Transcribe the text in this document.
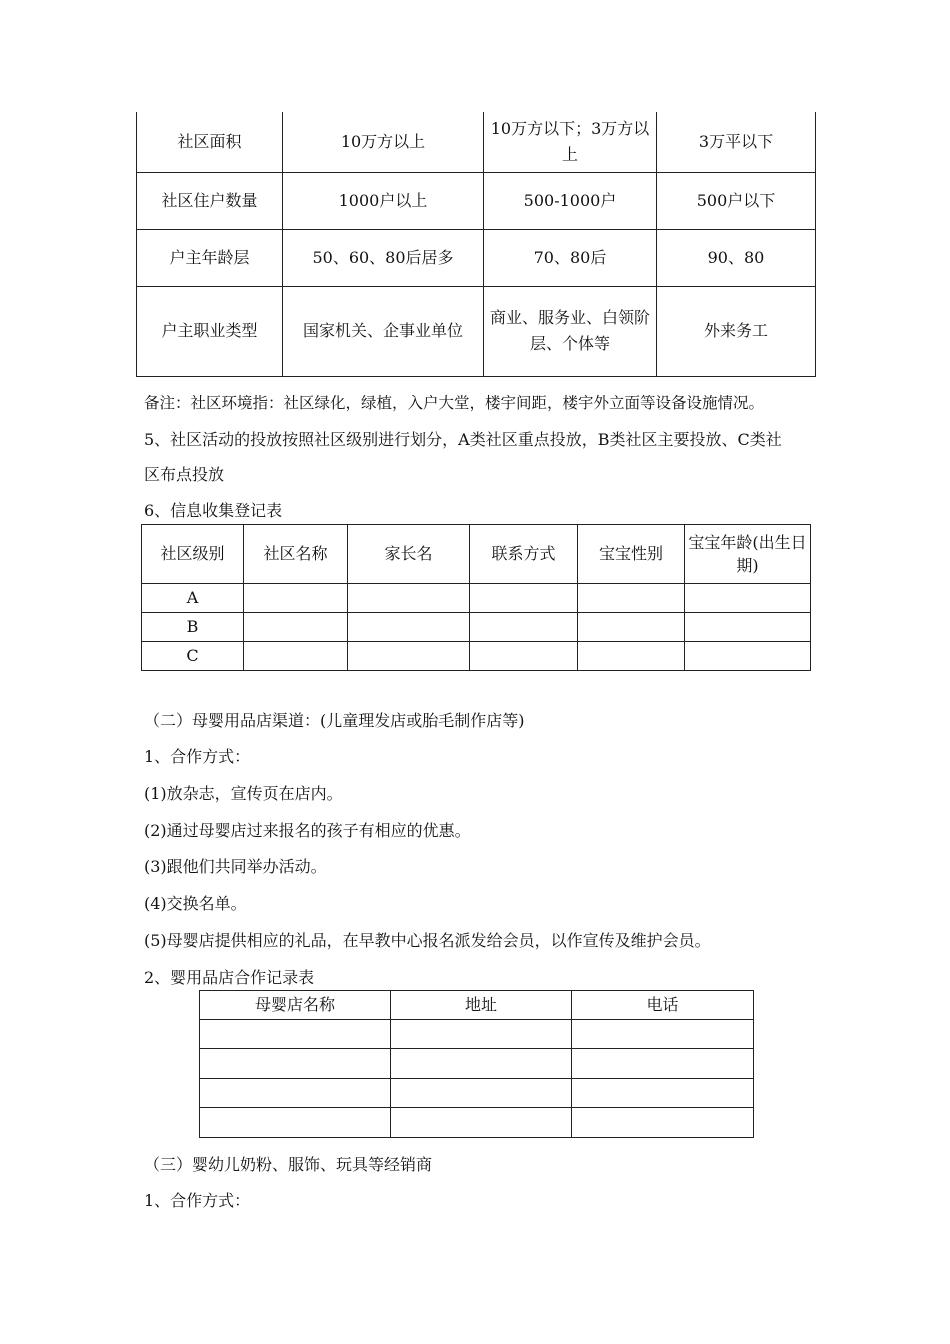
社区面积	10万方以上	10万方以下；3万方以上	3万平以下
社区住户数量	1000户以上	500-1000户	500户以下
户主年龄层	50、60、80后居多	70、80后	90、80
户主职业类型	国家机关、企事业单位	商业、服务业、白领阶层、个体等	外来务工
备注：社区环境指：社区绿化，绿植，入户大堂，楼宇间距，楼宇外立面等设备设施情况。
5、社区活动的投放按照社区级别进行划分，A类社区重点投放，B类社区主要投放、C类社
区布点投放
6、信息收集登记表
社区级别	社区名称	家长名	联系方式	宝宝性别	宝宝年龄(出生日期)
A					
B					
C					
（二）母婴用品店渠道：(儿童理发店或胎毛制作店等)
1、合作方式：
(1)放杂志，宣传页在店内。
(2)通过母婴店过来报名的孩子有相应的优惠。
(3)跟他们共同举办活动。
(4)交换名单。
(5)母婴店提供相应的礼品，在早教中心报名派发给会员，以作宣传及维护会员。
2、婴用品店合作记录表
母婴店名称	地址	电话

（三）婴幼儿奶粉、服饰、玩具等经销商
1、合作方式：
